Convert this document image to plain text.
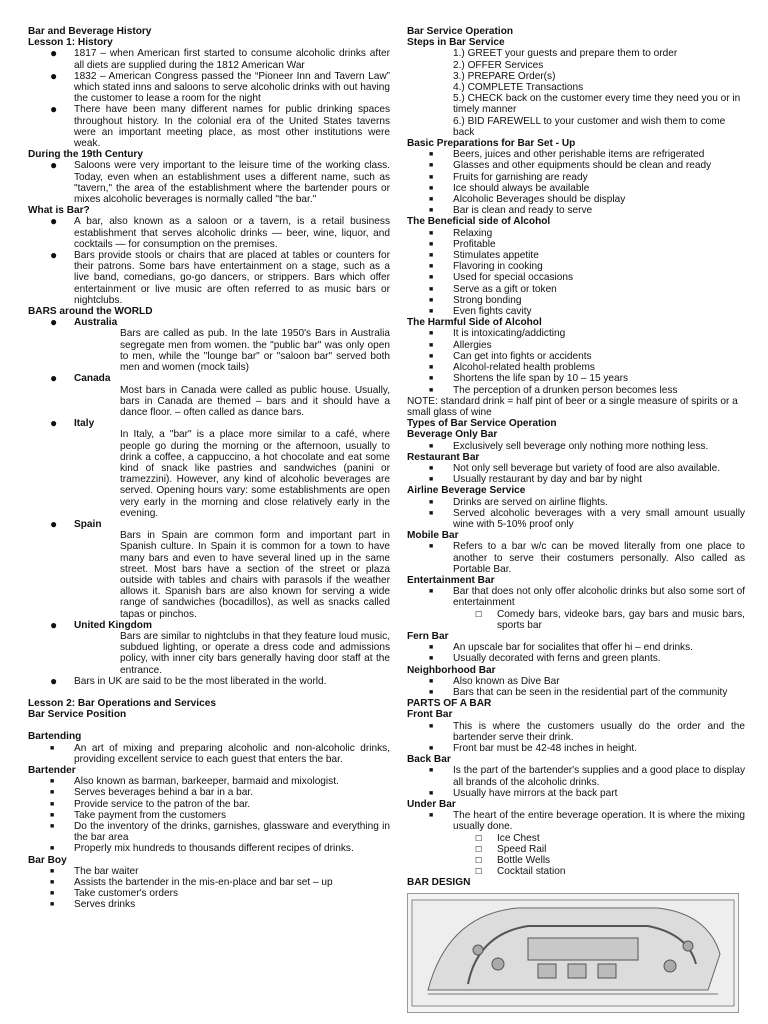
Bar and Beverage History

Lesson 1: History

●	1817 – when American first started to consume alcoholic drinks after all diets are supplied during the 1812 American War
●	1832 – American Congress passed the “Pioneer Inn and Tavern Law” which stated inns and saloons to serve alcoholic drinks with out having the customer to lease a room for the night
●	There have been many different names for public drinking spaces throughout history. In the colonial era of the United States taverns were an important meeting place, as most other institutions were weak.

During the 19th Century

●	Saloons were very important to the leisure time of the working class. Today, even when an establishment uses a different name, such as "tavern," the area of the establishment where the bartender pours or mixes alcoholic beverages is normally called "the bar."

What is Bar?

●	A bar, also known as a saloon or a tavern, is a retail business establishment that serves alcoholic drinks — beer, wine, liquor, and cocktails — for consumption on the premises.
●	Bars provide stools or chairs that are placed at tables or counters for their patrons. Some bars have entertainment on a stage, such as a live band, comedians, go-go dancers, or strippers. Bars which offer entertainment or live music are often referred to as music bars or nightclubs.

BARS around the WORLD

●	Australia

Bars are called as pub. In the late 1950's Bars in Australia segregate men from women. the "public bar" was only open to men, while the "lounge bar" or "saloon bar" served both men and women (mock tails)

●	Canada

Most bars in Canada were called as public house. Usually, bars in Canada are themed – bars and it should have a dance floor. – often called as dance bars.

●	Italy

In Italy, a "bar" is a place more similar to a café, where people go during the morning or the afternoon, usually to drink a coffee, a cappuccino, a hot chocolate and eat some kind of snack like pastries and sandwiches (panini or tramezzini). However, any kind of alcoholic beverages are served. Opening hours vary: some establishments are open very early in the morning and close relatively early in the evening.

●	Spain

Bars in Spain are common form and important part in Spanish culture. In Spain it is common for a town to have many bars and even to have several lined up in the same street. Most bars have a section of the street or plaza outside with tables and chairs with parasols if the weather allows it. Spanish bars are also known for serving a wide range of sandwiches (bocadillos), as well as snacks called tapas or pinchos.

●	United Kingdom

Bars are similar to nightclubs in that they feature loud music, subdued lighting, or operate a dress code and admissions policy, with inner city bars generally having door staff at the entrance.

●	Bars in UK are said to be the most liberated in the world.

Lesson 2: Bar Operations and Services

Bar Service Position

Bartending

■	An art of mixing and preparing alcoholic and non-alcoholic drinks, providing excellent service to each guest that enters the bar.

Bartender

■	Also known as barman, barkeeper, barmaid and mixologist.
■	Serves beverages behind a bar in a bar.
■	Provide service to the patron of the bar.
■	Take payment from the customers
■	Do the inventory of the drinks, garnishes, glassware and everything in the bar area
■	Properly mix hundreds to thousands different recipes of drinks.

Bar Boy

■	The bar waiter
■	Assists the bartender in the mis-en-place and bar set – up
■	Take customer's orders
■	Serves drinks

Bar Service Operation

Steps in Bar Service

1.) GREET your guests and prepare them to order

2.) OFFER Services

3.) PREPARE Order(s)

4.) COMPLETE Transactions

5.) CHECK back on the customer every time they need you or in timely manner

6.) BID FAREWELL to your customer and wish them to come back

Basic Preparations for Bar Set - Up

■	Beers, juices and other perishable items are refrigerated
■	Glasses and other equipments should be clean and ready
■	Fruits for garnishing are ready
■	Ice should always be available
■	Alcoholic Beverages should be display
■	Bar is clean and ready to serve

The Beneficial side of Alcohol

■	Relaxing
■	Profitable
■	Stimulates appetite
■	Flavoring in cooking
■	Used for special occasions
■	Serve as a gift or token
■	Strong bonding
■	Even fights cavity

The Harmful Side of Alcohol

■	It is intoxicating/addicting
■	Allergies
■	Can get into fights or accidents
■	Alcohol-related health problems
■	Shortens the life span by 10 – 15 years
■	The perception of a drunken person becomes less

NOTE: standard drink = half pint of beer or a single measure of spirits or a small glass of wine

Types of Bar Service Operation

Beverage Only Bar

■	Exclusively sell beverage only nothing more nothing less.

Restaurant Bar

■	Not only sell beverage but variety of food are also available.
■	Usually restaurant by day and bar by night

Airline Beverage Service

■	Drinks are served on airline flights.
■	Served alcoholic beverages with a very small amount usually wine with 5-10% proof only

Mobile Bar

■	Refers to a bar w/c can be moved literally from one place to another to serve their costumers personally. Also called as Portable Bar.

Entertainment Bar

■	Bar that does not only offer alcoholic drinks but also some sort of entertainment
☐	Comedy bars, videoke bars, gay bars and music bars, sports bar

Fern Bar

■	An upscale bar for socialites that offer hi – end drinks.
■	Usually decorated with ferns and green plants.

Neighborhood Bar

■	Also known as Dive Bar
■	Bars that can be seen in the residential part of the community

PARTS OF A BAR

Front Bar

■	This is where the customers usually do the order and the bartender serve their drink.
■	Front bar must be 42-48 inches in height.

Back Bar

■	Is the part of the bartender's supplies and a good place to display all brands of the alcoholic drinks.
■	Usually have mirrors at the back part

Under Bar

■	The heart of the entire beverage operation. It is where the mixing usually done.
☐	Ice Chest
☐	Speed Rail
☐	Bottle Wells
☐	Cocktail station

BAR DESIGN
